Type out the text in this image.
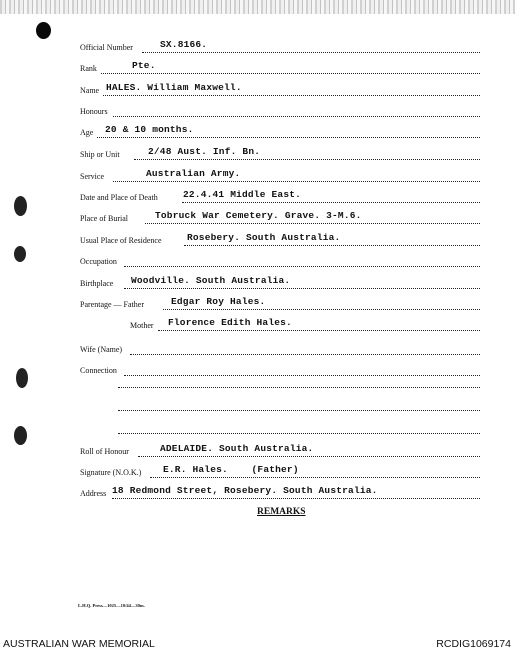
Official Number	SX.8166.
Rank	Pte.
Name HALES. William Maxwell.
Honours
Age 20 & 10 months.
Ship or Unit	2/48 Aust. Inf. Bn.
Service	Australian Army.
Date and Place of Death	22.4.41 Middle East.
Place of Burial	Tobruck War Cemetery. Grave. 3-M.6.
Usual Place of Residence	Rosebery. South Australia.
Occupation
Birthplace Woodville. South Australia.
Parentage — Father	Edgar Roy Hales.
Mother Florence Edith Hales.
Wife (Name)
Connection
Roll of Honour	ADELAIDE. South Australia.
Signature (N.O.K.) E.R. Hales.    (Father)
Address 18 Redmond Street, Rosebery. South Australia.
REMARKS
L.H.Q. Press—1025—10/44—30m.
AUSTRALIAN WAR MEMORIAL	RCDIG1069174
